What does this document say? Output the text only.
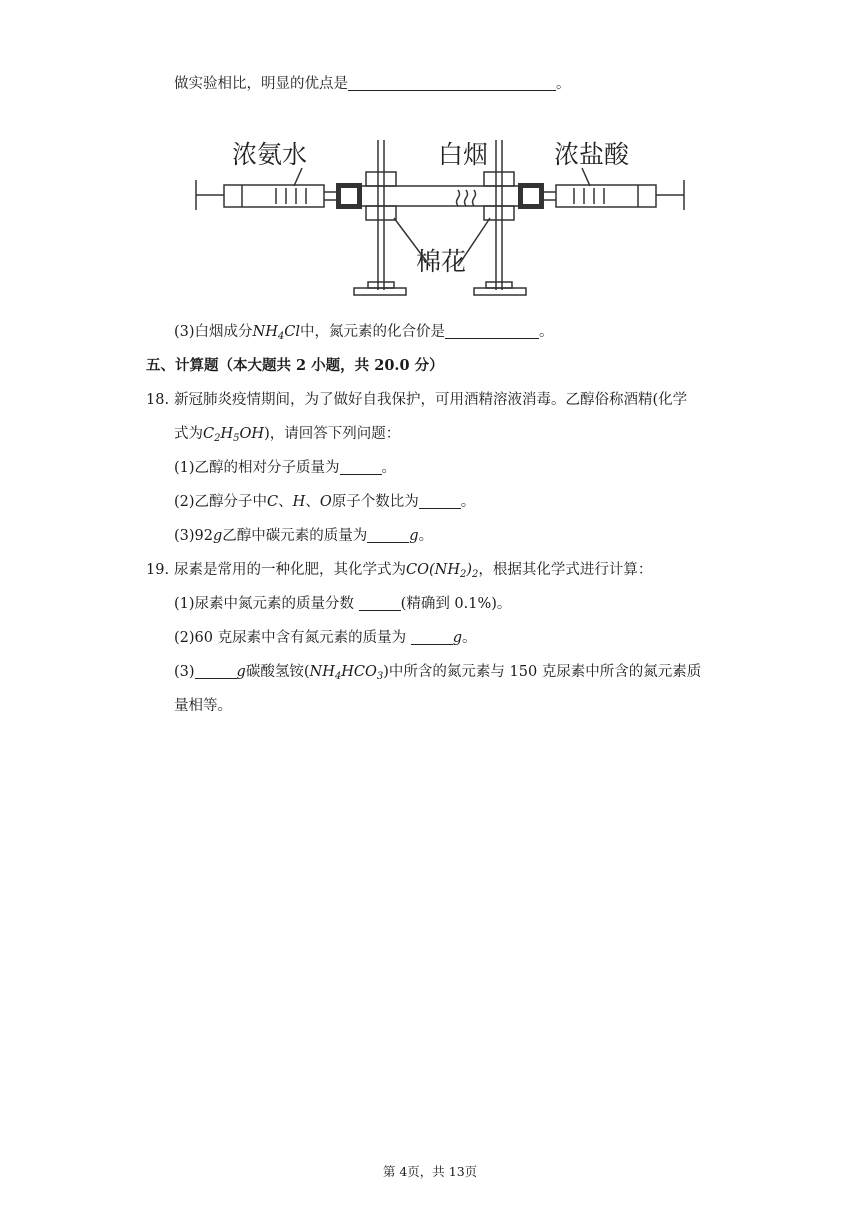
做实验相比，明显的优点是	。
浓氨水	白烟	浓盐酸
棉花
(3)白烟成分$NH_4Cl$中，氮元素的化合价是	。
五、计算题（本大题共 2 小题，共 20.0 分）
18. 新冠肺炎疫情期间，为了做好自我保护，可用酒精溶液消毒。乙醇俗称酒精(化学
式为$C_2H_5OH$)，请回答下列问题：
(1)乙醇的相对分子质量为	。
(2)乙醇分子中C、H、O原子个数比为	。
(3)92g乙醇中碳元素的质量为	g。
19. 尿素是常用的一种化肥，其化学式为$CO(NH_2)_2$，根据其化学式进行计算：
(1)尿素中氮元素的质量分数	(精确到 0.1%)。
(2)60 克尿素中含有氮元素的质量为	g。
(3)	g碳酸氢铵$(NH_4HCO_3)$中所含的氮元素与 150 克尿素中所含的氮元素质
量相等。
第 4页，共 13页
